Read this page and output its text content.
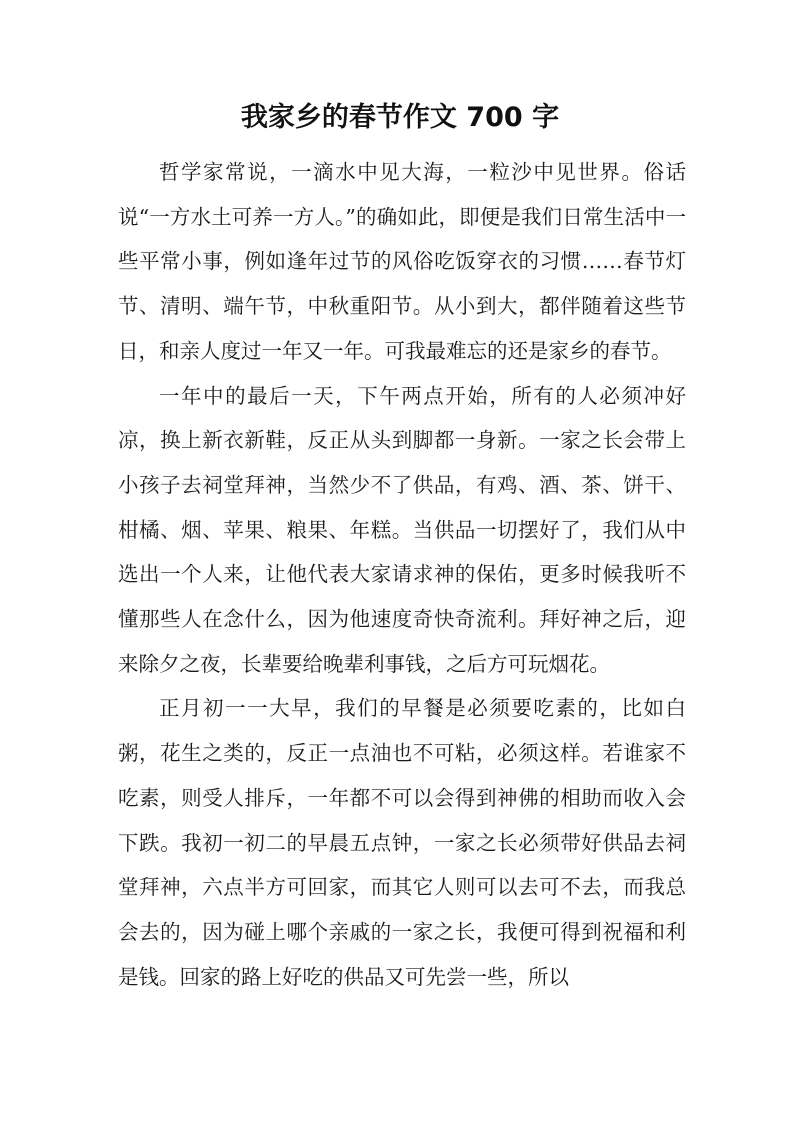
我家乡的春节作文 700 字

哲学家常说，一滴水中见大海，一粒沙中见世界。俗话说“一方水土可养一方人。”的确如此，即便是我们日常生活中一些平常小事，例如逢年过节的风俗吃饭穿衣的习惯……春节灯节、清明、端午节，中秋重阳节。从小到大，都伴随着这些节日，和亲人度过一年又一年。可我最难忘的还是家乡的春节。

一年中的最后一天，下午两点开始，所有的人必须冲好凉，换上新衣新鞋，反正从头到脚都一身新。一家之长会带上小孩子去祠堂拜神，当然少不了供品，有鸡、酒、茶、饼干、柑橘、烟、苹果、粮果、年糕。当供品一切摆好了，我们从中选出一个人来，让他代表大家请求神的保佑，更多时候我听不懂那些人在念什么，因为他速度奇快奇流利。拜好神之后，迎来除夕之夜，长辈要给晚辈利事钱，之后方可玩烟花。

正月初一一大早，我们的早餐是必须要吃素的，比如白粥，花生之类的，反正一点油也不可粘，必须这样。若谁家不吃素，则受人排斥，一年都不可以会得到神佛的相助而收入会下跌。我初一初二的早晨五点钟，一家之长必须带好供品去祠堂拜神，六点半方可回家，而其它人则可以去可不去，而我总会去的，因为碰上哪个亲戚的一家之长，我便可得到祝福和利是钱。回家的路上好吃的供品又可先尝一些，所以
